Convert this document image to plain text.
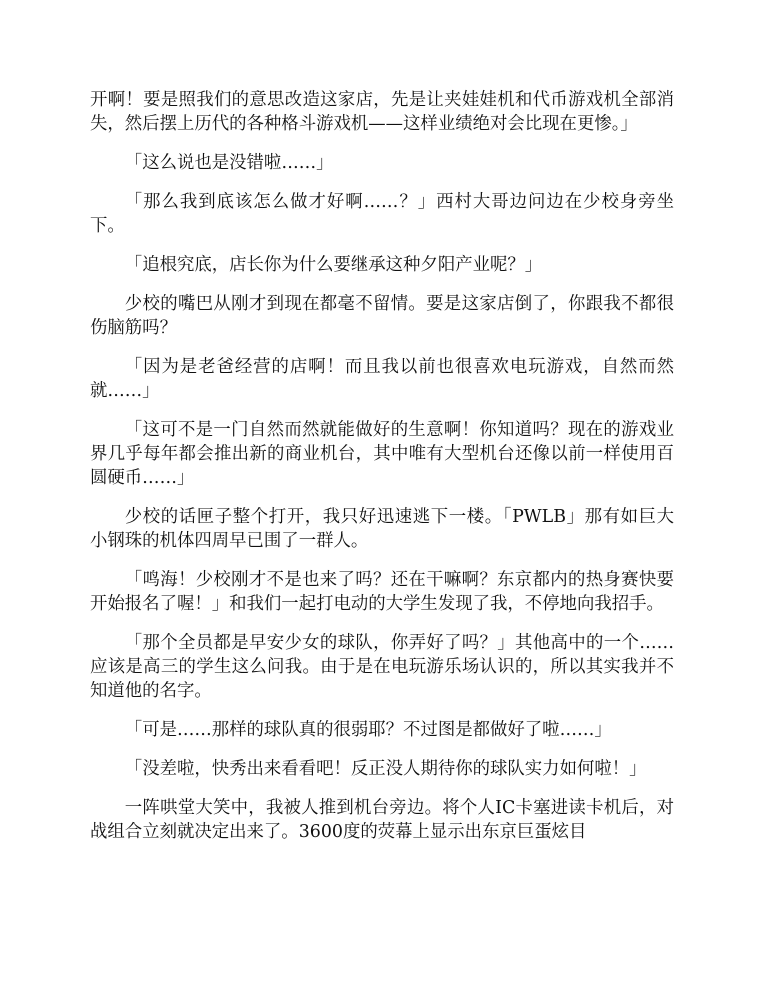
开啊！要是照我们的意思改造这家店，先是让夹娃娃机和代币游戏机全部消失，然后摆上历代的各种格斗游戏机——这样业绩绝对会比现在更惨。」

「这么说也是没错啦……」

「那么我到底该怎么做才好啊……？」西村大哥边问边在少校身旁坐下。

「追根究底，店长你为什么要继承这种夕阳产业呢？」

少校的嘴巴从刚才到现在都毫不留情。要是这家店倒了，你跟我不都很伤脑筋吗？

「因为是老爸经营的店啊！而且我以前也很喜欢电玩游戏，自然而然就……」

「这可不是一门自然而然就能做好的生意啊！你知道吗？现在的游戏业界几乎每年都会推出新的商业机台，其中唯有大型机台还像以前一样使用百圆硬币……」

少校的话匣子整个打开，我只好迅速逃下一楼。「PWLB」那有如巨大小钢珠的机体四周早已围了一群人。

「鸣海！少校刚才不是也来了吗？还在干嘛啊？东京都内的热身赛快要开始报名了喔！」和我们一起打电动的大学生发现了我，不停地向我招手。

「那个全员都是早安少女的球队，你弄好了吗？」其他高中的一个……应该是高三的学生这么问我。由于是在电玩游乐场认识的，所以其实我并不知道他的名字。

「可是……那样的球队真的很弱耶？不过图是都做好了啦……」

「没差啦，快秀出来看看吧！反正没人期待你的球队实力如何啦！」

一阵哄堂大笑中，我被人推到机台旁边。将个人IC卡塞进读卡机后，对战组合立刻就决定出来了。3600度的荧幕上显示出东京巨蛋炫目
